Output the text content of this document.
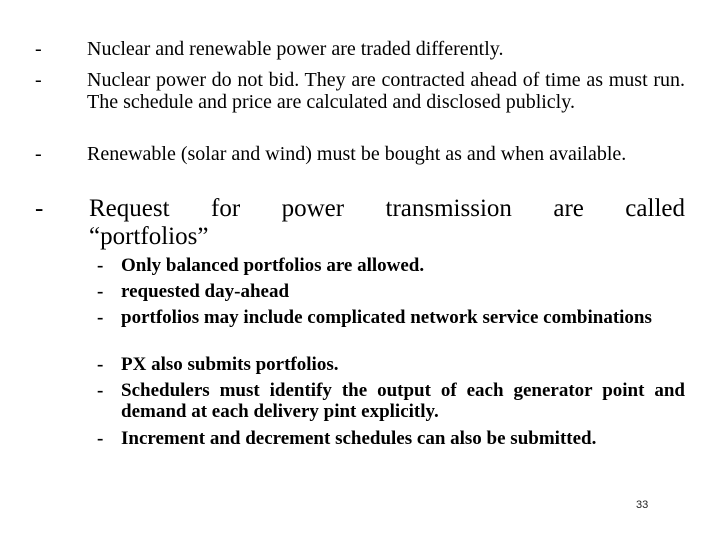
-	Nuclear and renewable power are traded differently.
-	Nuclear power do not bid. They are contracted ahead of time as must run. The schedule and price are calculated and disclosed publicly.
-	Renewable (solar and wind) must be bought as and when available.
-	Request for power transmission are called
“portfolios”
- Only balanced portfolios are allowed.
- requested day-ahead
- portfolios may include complicated network service combinations
- PX also submits portfolios.
- Schedulers must identify the output of each generator point and demand at each delivery pint explicitly.
- Increment and decrement schedules can also be submitted.
33
